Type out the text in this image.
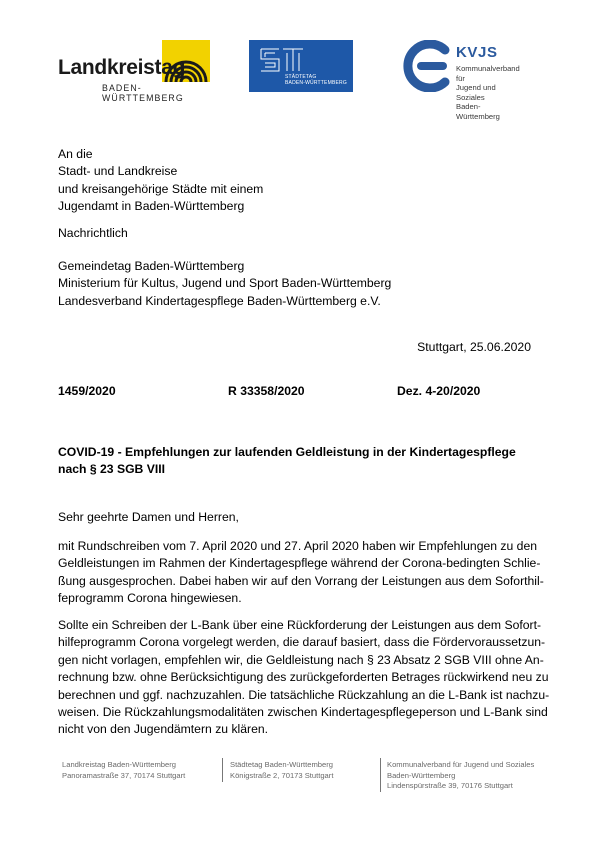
Landkreistag
BADEN-WÜRTTEMBERG
STÄDTETAG
BADEN-WÜRTTEMBERG
KVJS
Kommunalverband für
Jugend und Soziales
Baden-Württemberg
An die
Stadt- und Landkreise
und kreisangehörige Städte mit einem
Jugendamt in Baden-Württemberg
Nachrichtlich
Gemeindetag Baden-Württemberg
Ministerium für Kultus, Jugend und Sport Baden-Württemberg
Landesverband Kindertagespflege Baden-Württemberg e.V.
Stuttgart, 25.06.2020
1459/2020	R 33358/2020	Dez. 4-20/2020
COVID-19 - Empfehlungen zur laufenden Geldleistung in der Kindertagespflege
nach § 23 SGB VIII
Sehr geehrte Damen und Herren,
mit Rundschreiben vom 7. April 2020 und 27. April 2020 haben wir Empfehlungen zu den
Geldleistungen im Rahmen der Kindertagespflege während der Corona-bedingten Schlie-
ßung ausgesprochen. Dabei haben wir auf den Vorrang der Leistungen aus dem Soforthil-
feprogramm Corona hingewiesen.
Sollte ein Schreiben der L-Bank über eine Rückforderung der Leistungen aus dem Sofort-
hilfeprogramm Corona vorgelegt werden, die darauf basiert, dass die Fördervoraussetzun-
gen nicht vorlagen, empfehlen wir, die Geldleistung nach § 23 Absatz 2 SGB VIII ohne An-
rechnung bzw. ohne Berücksichtigung des zurückgeforderten Betrages rückwirkend neu zu
berechnen und ggf. nachzuzahlen. Die tatsächliche Rückzahlung an die L-Bank ist nachzu-
weisen. Die Rückzahlungsmodalitäten zwischen Kindertagespflegeperson und L-Bank sind
nicht von den Jugendämtern zu klären.
Landkreistag Baden-Württemberg
Panoramastraße 37, 70174 Stuttgart
Städtetag Baden-Württemberg
Königstraße 2, 70173 Stuttgart
Kommunalverband für Jugend und Soziales
Baden-Württemberg
Lindenspürstraße 39, 70176 Stuttgart
